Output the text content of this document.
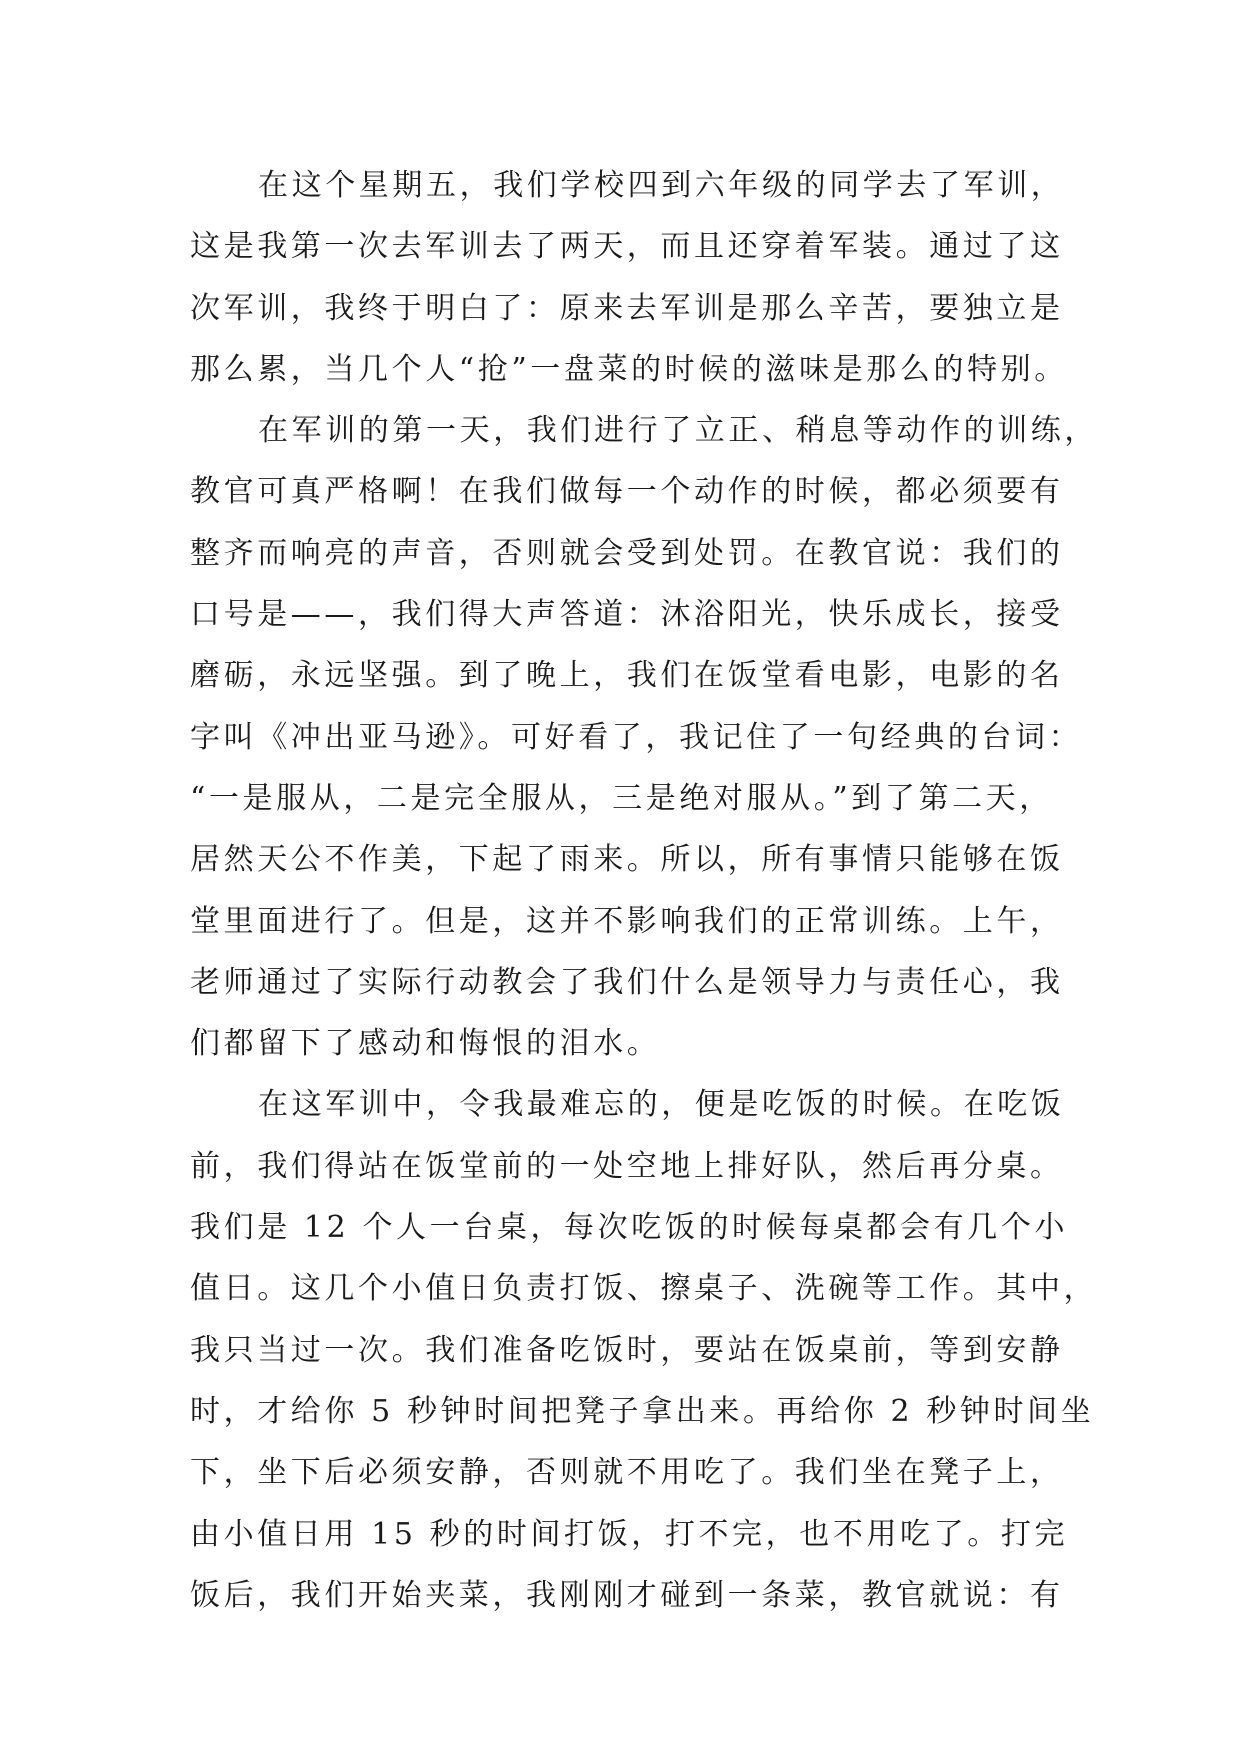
在这个星期五，我们学校四到六年级的同学去了军训，
这是我第一次去军训去了两天，而且还穿着军装。通过了这
次军训，我终于明白了：原来去军训是那么辛苦，要独立是
那么累，当几个人“抢”一盘菜的时候的滋味是那么的特别。
在军训的第一天，我们进行了立正、稍息等动作的训练，
教官可真严格啊！在我们做每一个动作的时候，都必须要有
整齐而响亮的声音，否则就会受到处罚。在教官说：我们的
口号是——，我们得大声答道：沐浴阳光，快乐成长，接受
磨砺，永远坚强。到了晚上，我们在饭堂看电影，电影的名
字叫《冲出亚马逊》。可好看了，我记住了一句经典的台词：
“一是服从，二是完全服从，三是绝对服从。”到了第二天，
居然天公不作美，下起了雨来。所以，所有事情只能够在饭
堂里面进行了。但是，这并不影响我们的正常训练。上午，
老师通过了实际行动教会了我们什么是领导力与责任心，我
们都留下了感动和悔恨的泪水。
在这军训中，令我最难忘的，便是吃饭的时候。在吃饭
前，我们得站在饭堂前的一处空地上排好队，然后再分桌。
我们是 12 个人一台桌，每次吃饭的时候每桌都会有几个小
值日。这几个小值日负责打饭、擦桌子、洗碗等工作。其中，
我只当过一次。我们准备吃饭时，要站在饭桌前，等到安静
时，才给你 5 秒钟时间把凳子拿出来。再给你 2 秒钟时间坐
下，坐下后必须安静，否则就不用吃了。我们坐在凳子上，
由小值日用 15 秒的时间打饭，打不完，也不用吃了。打完
饭后，我们开始夹菜，我刚刚才碰到一条菜，教官就说：有
